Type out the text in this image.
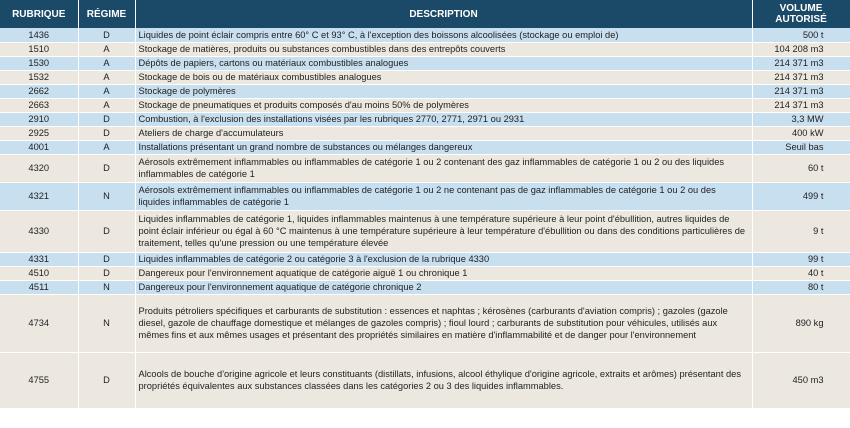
RUBRIQUE	RÉGIME	DESCRIPTION	VOLUME AUTORISÉ
1436	D	Liquides de point éclair compris entre 60° C et 93° C, à l'exception des boissons alcoolisées (stockage ou emploi de)	500 t
1510	A	Stockage de matières, produits ou substances combustibles dans des entrepôts couverts	104 208 m3
1530	A	Dépôts de papiers, cartons ou matériaux combustibles analogues	214 371 m3
1532	A	Stockage de bois ou de matériaux combustibles analogues	214 371 m3
2662	A	Stockage de polymères	214 371 m3
2663	A	Stockage de pneumatiques et produits composés d'au moins 50% de polymères	214 371 m3
2910	D	Combustion, à l'exclusion des installations visées par les rubriques 2770, 2771, 2971 ou 2931	3,3 MW
2925	D	Ateliers de charge d'accumulateurs	400 kW
4001	A	Installations présentant un grand nombre de substances ou mélanges dangereux	Seuil bas
4320	D	Aérosols extrêmement inflammables ou inflammables de catégorie 1 ou 2 contenant des gaz inflammables de catégorie 1 ou 2 ou des liquides inflammables de catégorie 1	60 t
4321	N	Aérosols extrêmement inflammables ou inflammables de catégorie 1 ou 2 ne contenant pas de gaz inflammables de catégorie 1 ou 2 ou des liquides inflammables de catégorie 1	499 t
4330	D	Liquides inflammables de catégorie 1, liquides inflammables maintenus à une température supérieure à leur point d'ébullition, autres liquides de point éclair inférieur ou égal à 60 °C maintenus à une température supérieure à leur température d'ébullition ou dans des conditions particulières de traitement, telles qu'une pression ou une température élevée	9 t
4331	D	Liquides inflammables de catégorie 2 ou catégorie 3 à l'exclusion de la rubrique 4330	99 t
4510	D	Dangereux pour l'environnement aquatique de catégorie aiguë 1 ou chronique 1	40 t
4511	N	Dangereux pour l'environnement aquatique de catégorie chronique 2	80 t
4734	N	Produits pétroliers spécifiques et carburants de substitution : essences et naphtas ; kérosènes (carburants d'aviation compris) ; gazoles (gazole diesel, gazole de chauffage domestique et mélanges de gazoles compris) ; fioul lourd ; carburants de substitution pour véhicules, utilisés aux mêmes fins et aux mêmes usages et présentant des propriétés similaires en matière d'inflammabilité et de danger pour l'environnement	890 kg
4755	D	Alcools de bouche d'origine agricole et leurs constituants (distillats, infusions, alcool éthylique d'origine agricole, extraits et arômes) présentant des propriétés équivalentes aux substances classées dans les catégories 2 ou 3 des liquides inflammables.	450 m3
